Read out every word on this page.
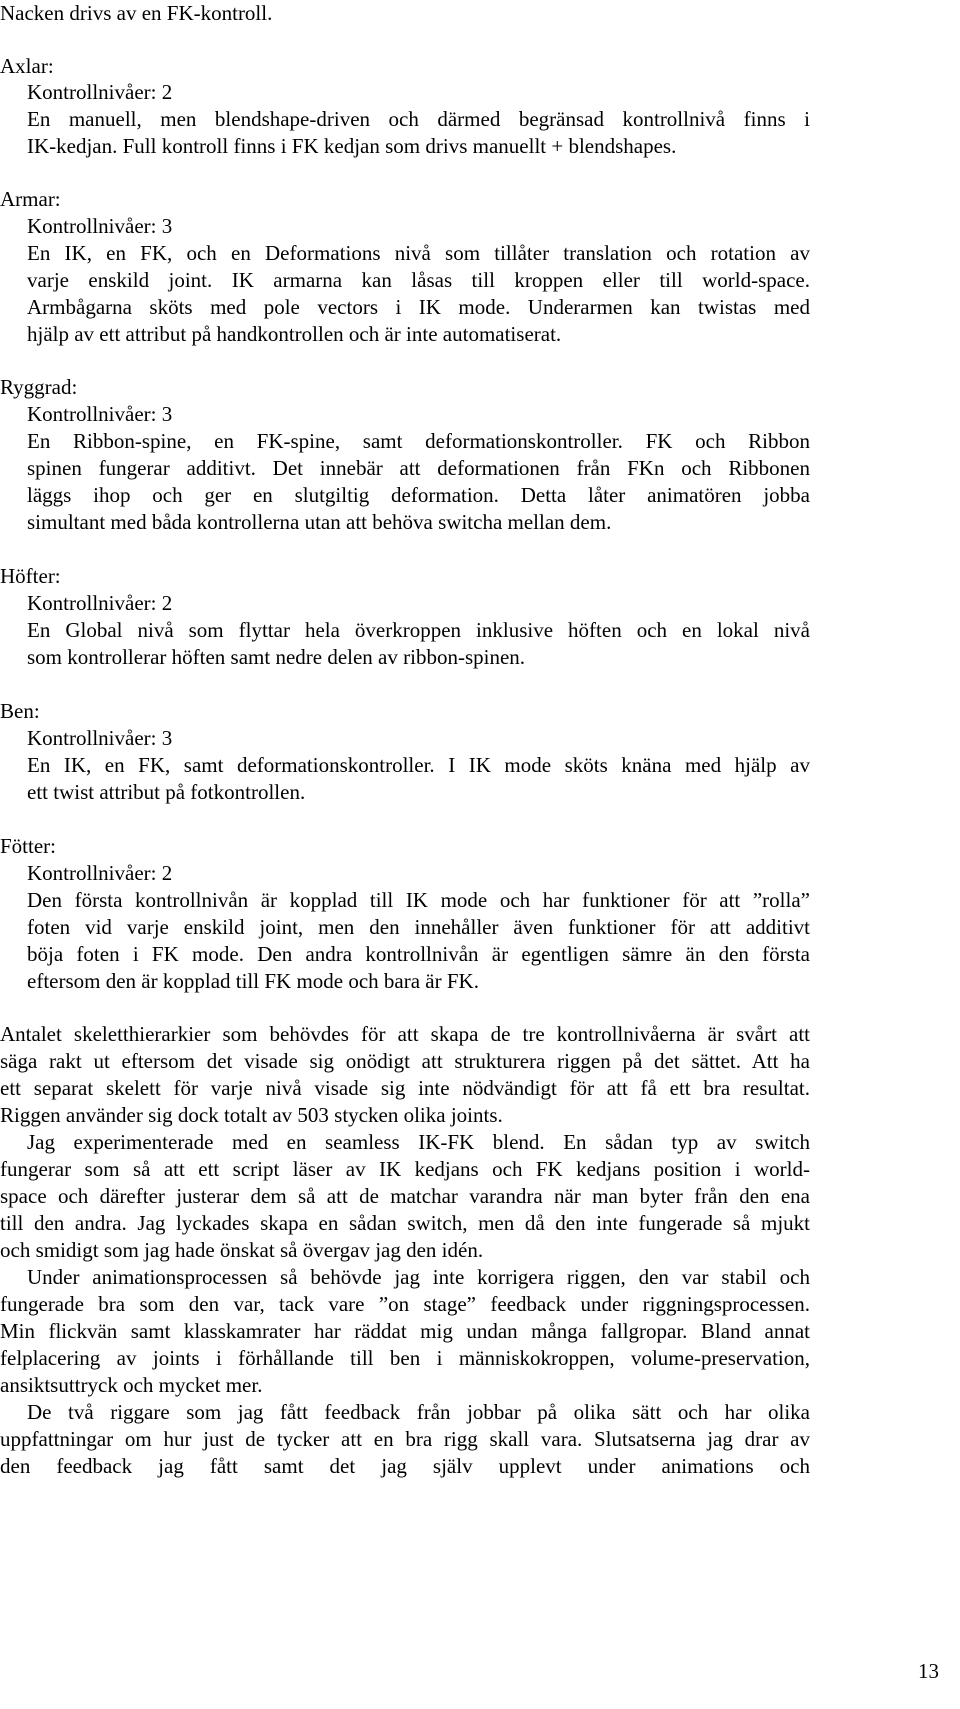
Nacken drivs av en FK-kontroll.
Axlar:
Kontrollnivåer: 2
En manuell, men blendshape-driven och därmed begränsad kontrollnivå finns i
IK-kedjan. Full kontroll finns i FK kedjan som drivs manuellt + blendshapes.
Armar:
Kontrollnivåer: 3
En IK, en FK, och en Deformations nivå som tillåter translation och rotation av
varje enskild joint. IK armarna kan låsas till kroppen eller till world-space.
Armbågarna sköts med pole vectors i IK mode. Underarmen kan twistas med
hjälp av ett attribut på handkontrollen och är inte automatiserat.
Ryggrad:
Kontrollnivåer: 3
En Ribbon-spine, en FK-spine, samt deformationskontroller. FK och Ribbon
spinen fungerar additivt. Det innebär att deformationen från FKn och Ribbonen
läggs ihop och ger en slutgiltig deformation. Detta låter animatören jobba
simultant med båda kontrollerna utan att behöva switcha mellan dem.
Höfter:
Kontrollnivåer: 2
En Global nivå som flyttar hela överkroppen inklusive höften och en lokal nivå
som kontrollerar höften samt nedre delen av ribbon-spinen.
Ben:
Kontrollnivåer: 3
En IK, en FK, samt deformationskontroller. I IK mode sköts knäna med hjälp av
ett twist attribut på fotkontrollen.
Fötter:
Kontrollnivåer: 2
Den första kontrollnivån är kopplad till IK mode och har funktioner för att ”rolla”
foten vid varje enskild joint, men den innehåller även funktioner för att additivt
böja foten i FK mode. Den andra kontrollnivån är egentligen sämre än den första
eftersom den är kopplad till FK mode och bara är FK.
Antalet skeletthierarkier som behövdes för att skapa de tre kontrollnivåerna är svårt att
säga rakt ut eftersom det visade sig onödigt att strukturera riggen på det sättet. Att ha
ett separat skelett för varje nivå visade sig inte nödvändigt för att få ett bra resultat.
Riggen använder sig dock totalt av 503 stycken olika joints.
Jag experimenterade med en seamless IK-FK blend. En sådan typ av switch
fungerar som så att ett script läser av IK kedjans och FK kedjans position i world-
space och därefter justerar dem så att de matchar varandra när man byter från den ena
till den andra. Jag lyckades skapa en sådan switch, men då den inte fungerade så mjukt
och smidigt som jag hade önskat så övergav jag den idén.
Under animationsprocessen så behövde jag inte korrigera riggen, den var stabil och
fungerade bra som den var, tack vare ”on stage” feedback under riggningsprocessen.
Min flickvän samt klasskamrater har räddat mig undan många fallgropar. Bland annat
felplacering av joints i förhållande till ben i människokroppen, volume-preservation,
ansiktsuttryck och mycket mer.
De två riggare som jag fått feedback från jobbar på olika sätt och har olika
uppfattningar om hur just de tycker att en bra rigg skall vara. Slutsatserna jag drar av
den feedback jag fått samt det jag själv upplevt under animations och
13
